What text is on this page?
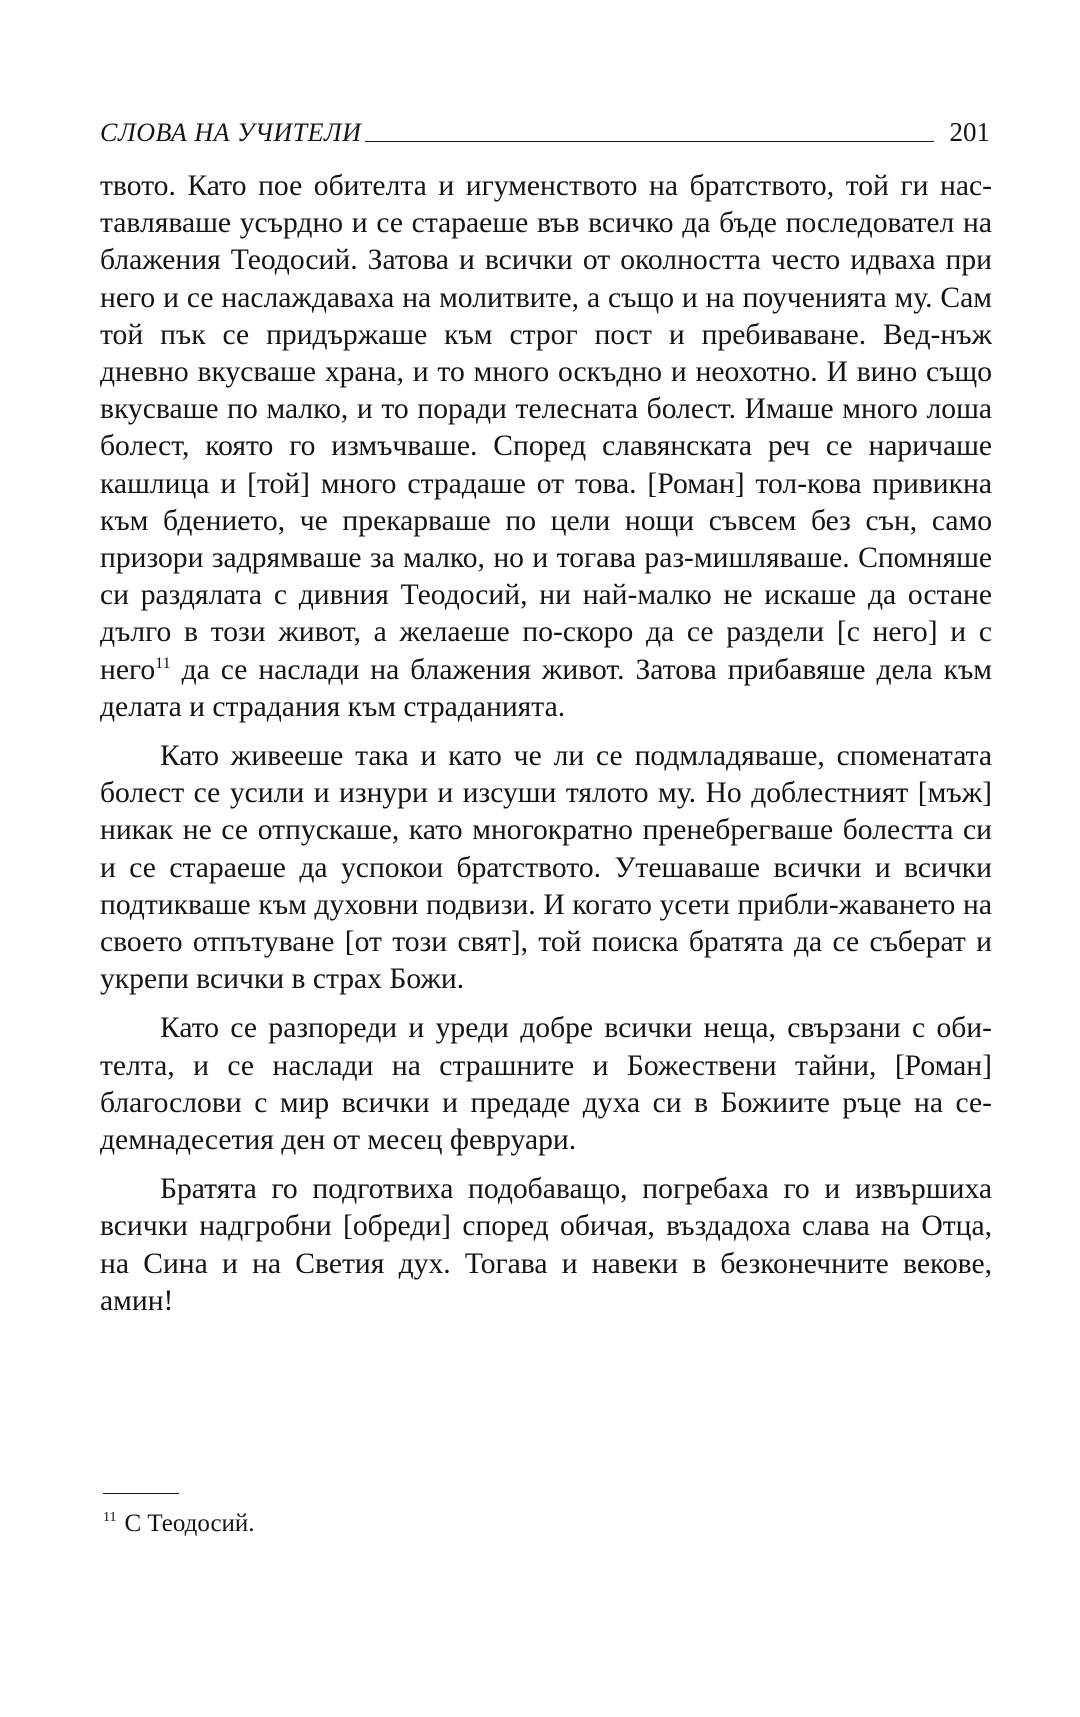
СЛОВА НА УЧИТЕЛИ	201

твото. Като пое обителта и игуменството на братството, той ги нас-тавляваше усърдно и се стараеше във всичко да бъде последовател на блажения Теодосий. Затова и всички от околността често идваха при него и се наслаждаваха на молитвите, а също и на поученията му. Сам той пък се придържаше към строг пост и пребиваване. Вед-нъж дневно вкусваше храна, и то много оскъдно и неохотно. И вино също вкусваше по малко, и то поради телесната болест. Имаше много лоша болест, която го измъчваше. Според славянската реч се наричаше кашлица и [той] много страдаше от това. [Роман] тол-кова привикна към бдението, че прекарваше по цели нощи съвсем без сън, само призори задрямваше за малко, но и тогава раз-мишляваше. Спомняше си раздялата с дивния Теодосий, ни най-малко не искаше да остане дълго в този живот, а желаеше по-скоро да се раздели [с него] и с него$^{11}$ да се наслади на блажения живот. Затова прибавяше дела към делата и страдания към страданията.

Като живееше така и като че ли се подмладяваше, споменатата болест се усили и изнури и изсуши тялото му. Но доблестният [мъж] никак не се отпускаше, като многократно пренебрегваше болестта си и се стараеше да успокои братството. Утешаваше всички и всички подтикваше към духовни подвизи. И когато усети прибли-жаването на своето отпътуване [от този свят], той поиска братята да се съберат и укрепи всички в страх Божи.

Като се разпореди и уреди добре всички неща, свързани с оби-телта, и се наслади на страшните и Божествени тайни, [Роман] благослови с мир всички и предаде духа си в Божиите ръце на се-демнадесетия ден от месец февруари.

Братята го подготвиха подобаващо, погребаха го и извършиха всички надгробни [обреди] според обичая, въздадоха слава на Отца, на Сина и на Светия дух. Тогава и навеки в безконечните векове, амин!

$^{11}$ С Теодосий.
